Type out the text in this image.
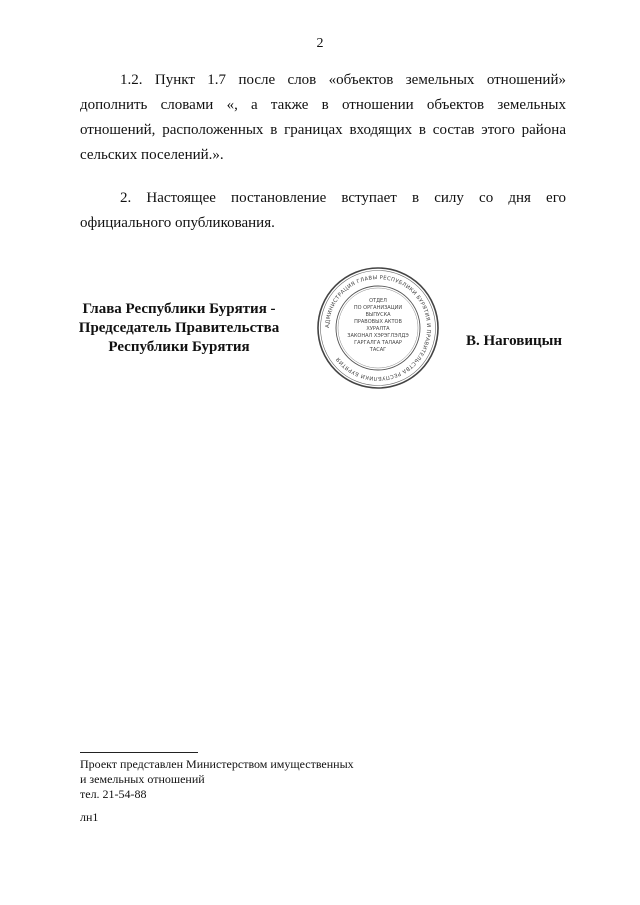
2

1.2. Пункт 1.7 после слов «объектов земельных отношений» дополнить словами «, а также в отношении объектов земельных отношений, расположенных в границах входящих в состав этого района сельских поселений.».

2. Настоящее постановление вступает в силу со дня его официального опубликования.

Глава Республики Бурятия -
Председатель Правительства
Республики Бурятия
АДМИНИСТРАЦИЯ ГЛАВЫ РЕСПУБЛИКИ БУРЯТИЯ И ПРАВИТЕЛЬСТВА РЕСПУБЛИКИ БУРЯТИЯ
ОТДЕЛ
ПО ОРГАНИЗАЦИИ
ВЫПУСКА
ПРАВОВЫХ АКТОВ
ХУРАЛТА
ЗАКОНАЛ ХЭРЭГЛЭЛДЭ
ГАРГАЛГА ТАЛААР
ТАСАГ
В. Наговицын
Проект представлен Министерством имущественных
и земельных отношений
тел. 21-54-88
лн1
